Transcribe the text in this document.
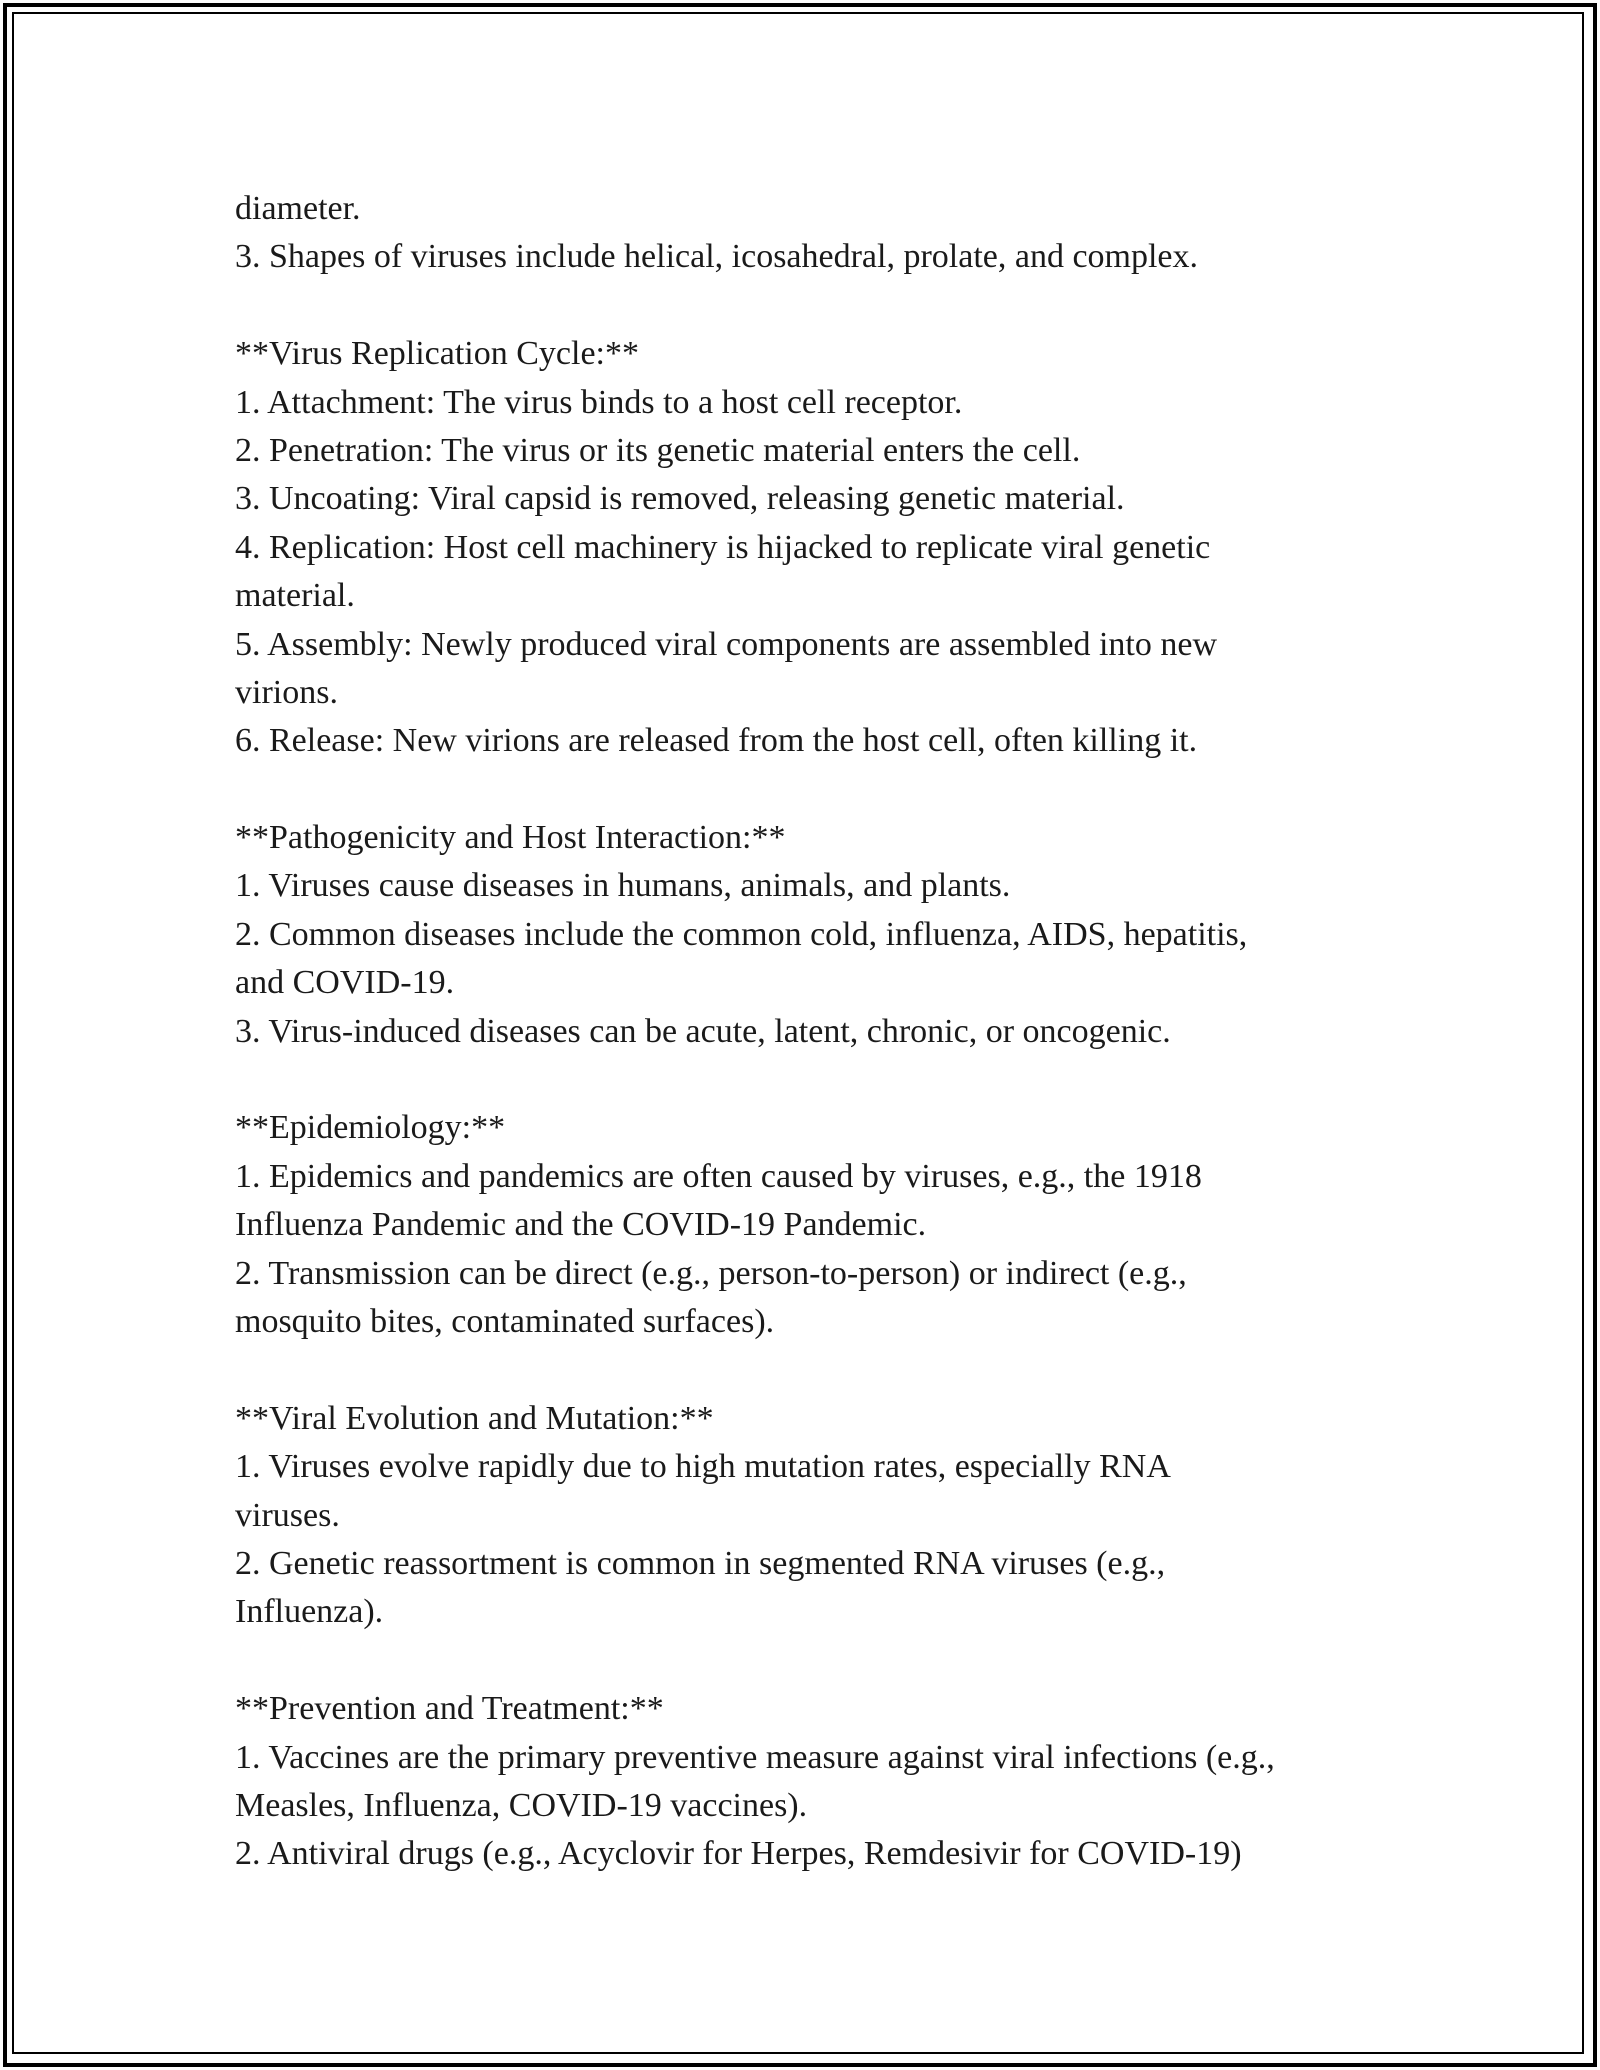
diameter.
3. Shapes of viruses include helical, icosahedral, prolate, and complex.
**Virus Replication Cycle:**
1. Attachment: The virus binds to a host cell receptor.
2. Penetration: The virus or its genetic material enters the cell.
3. Uncoating: Viral capsid is removed, releasing genetic material.
4. Replication: Host cell machinery is hijacked to replicate viral genetic
material.
5. Assembly: Newly produced viral components are assembled into new
virions.
6. Release: New virions are released from the host cell, often killing it.
**Pathogenicity and Host Interaction:**
1. Viruses cause diseases in humans, animals, and plants.
2. Common diseases include the common cold, influenza, AIDS, hepatitis,
and COVID-19.
3. Virus-induced diseases can be acute, latent, chronic, or oncogenic.
**Epidemiology:**
1. Epidemics and pandemics are often caused by viruses, e.g., the 1918
Influenza Pandemic and the COVID-19 Pandemic.
2. Transmission can be direct (e.g., person-to-person) or indirect (e.g.,
mosquito bites, contaminated surfaces).
**Viral Evolution and Mutation:**
1. Viruses evolve rapidly due to high mutation rates, especially RNA
viruses.
2. Genetic reassortment is common in segmented RNA viruses (e.g.,
Influenza).
**Prevention and Treatment:**
1. Vaccines are the primary preventive measure against viral infections (e.g.,
Measles, Influenza, COVID-19 vaccines).
2. Antiviral drugs (e.g., Acyclovir for Herpes, Remdesivir for COVID-19)
